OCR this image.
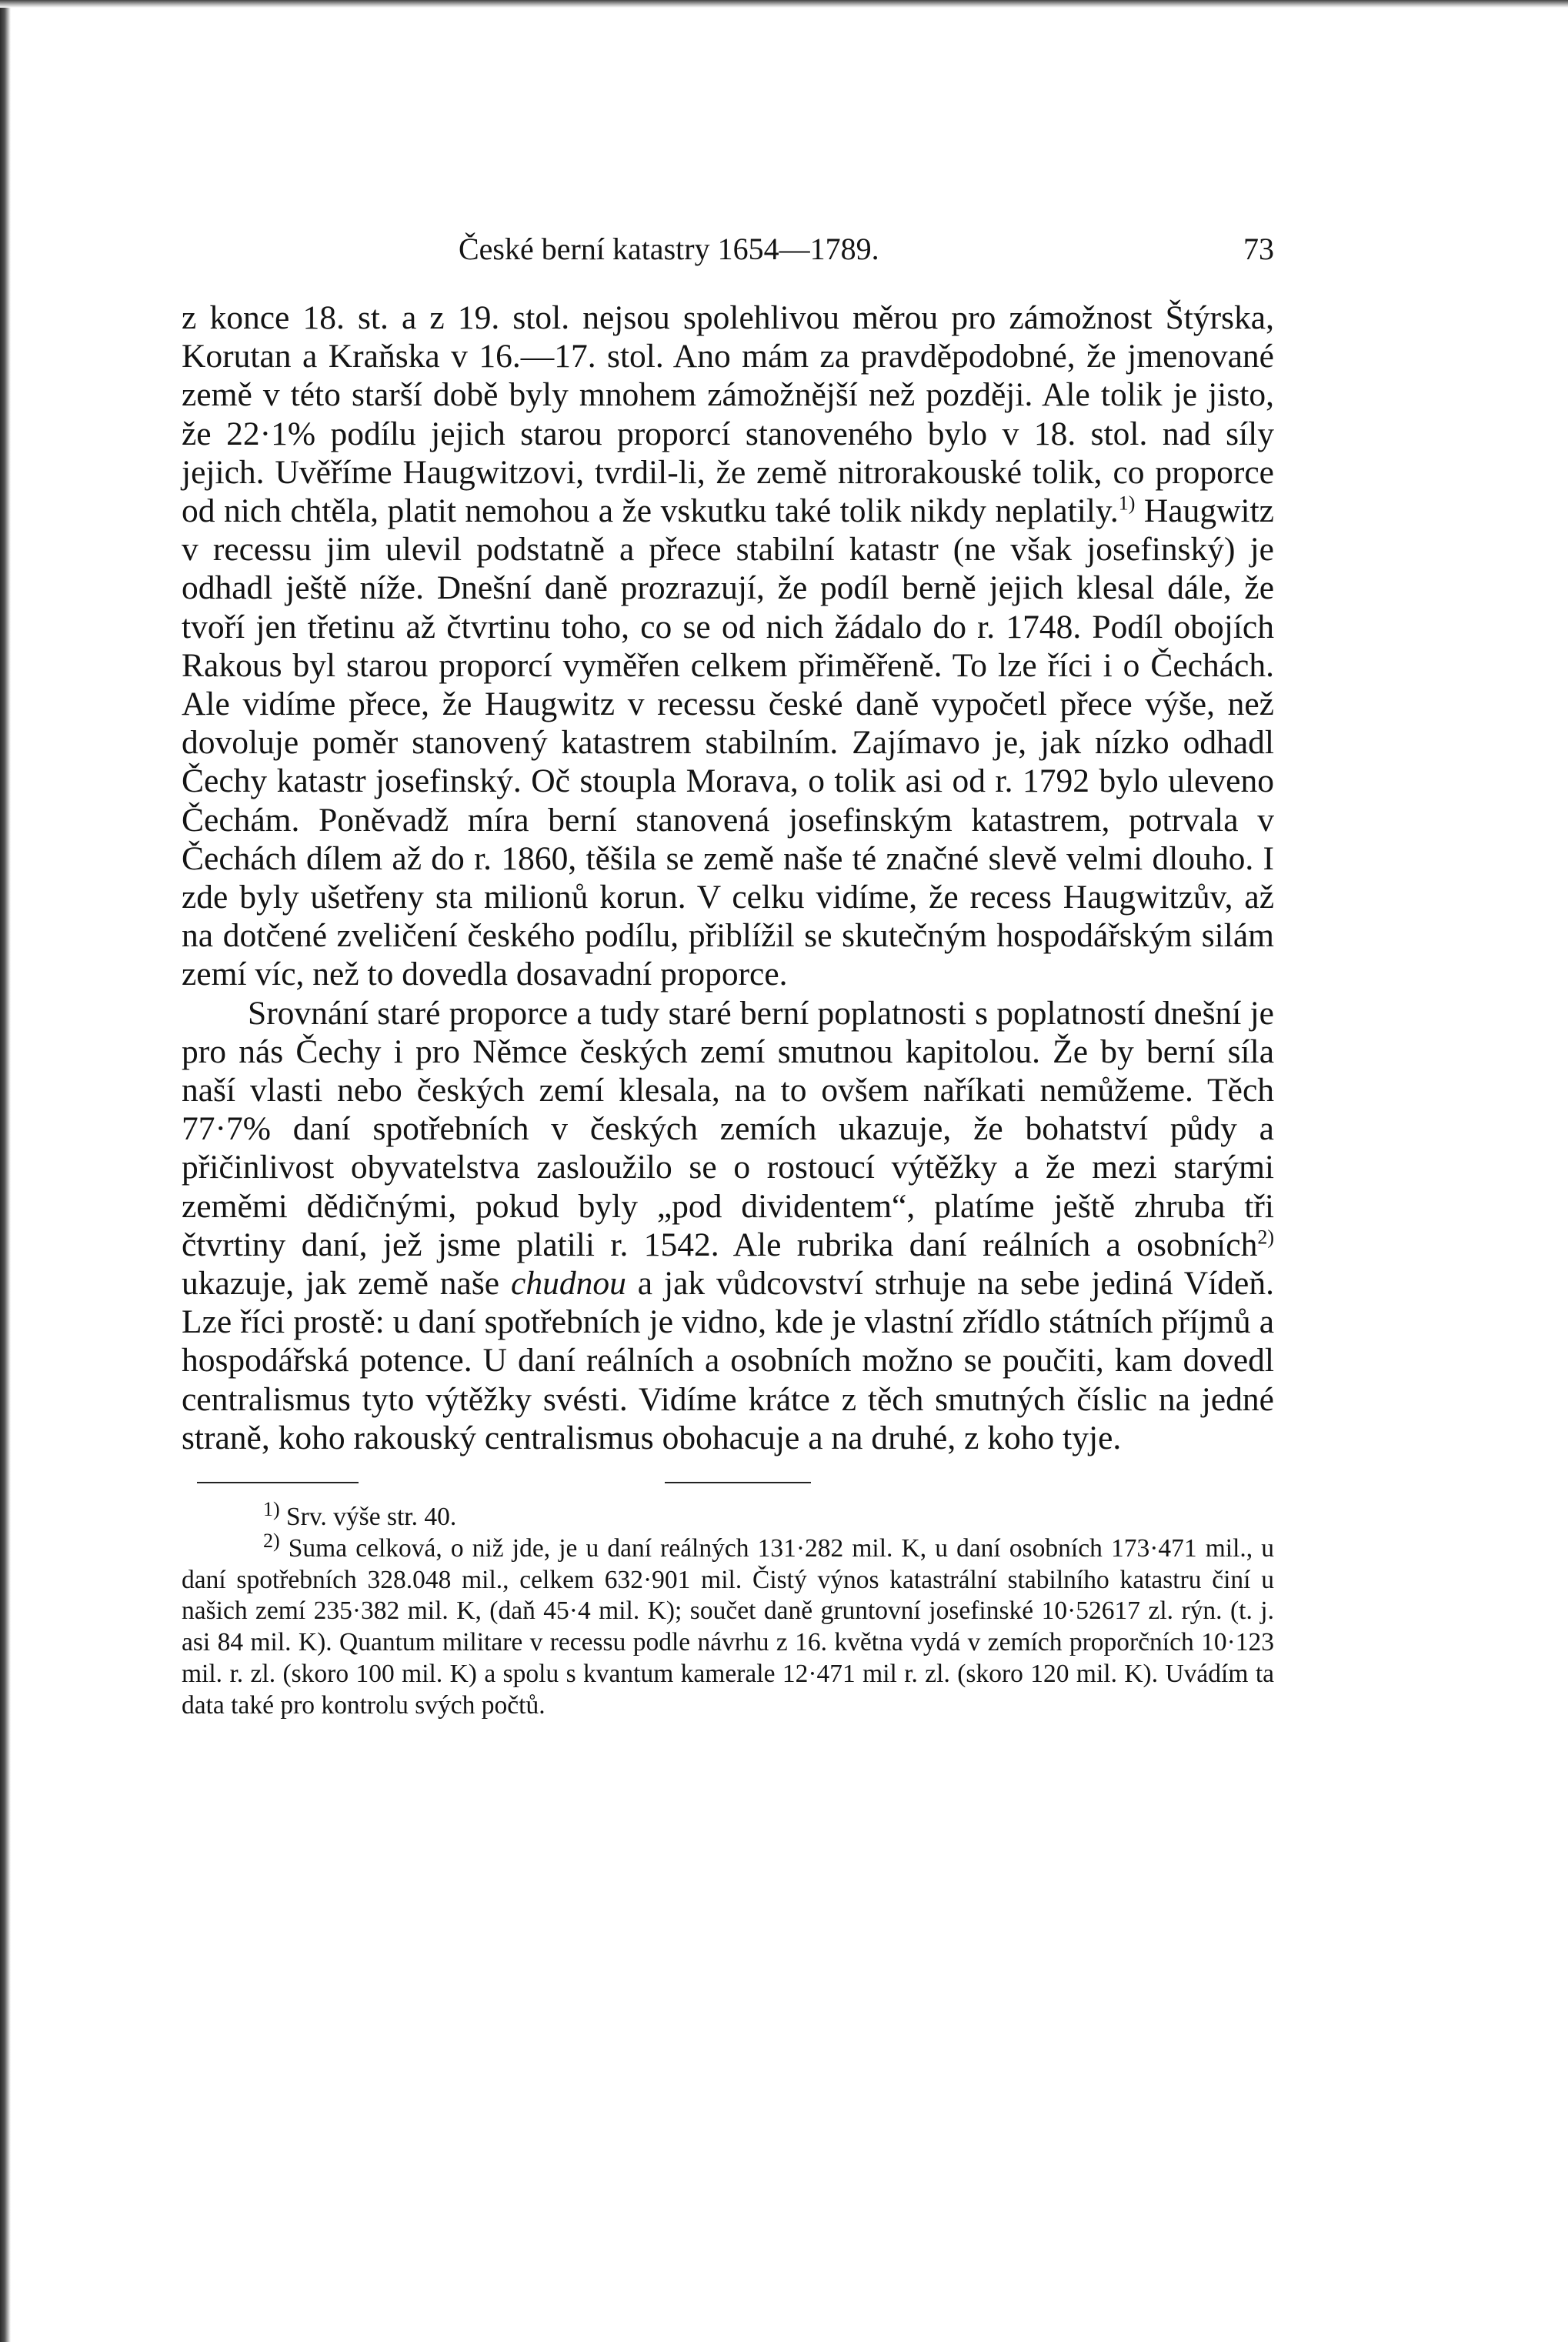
České berní katastry 1654—1789.	73

z konce 18. st. a z 19. stol. nejsou spolehlivou měrou pro zámožnost Štýrska, Korutan a Kraňska v 16.—17. stol. Ano mám za pravděpodobné, že jmenované země v této starší době byly mnohem zámožnější než později. Ale tolik je jisto, že 22·1% podílu jejich starou proporcí stanoveného bylo v 18. stol. nad síly jejich. Uvěříme Haugwitzovi, tvrdil-li, že země nitrorakouské tolik, co proporce od nich chtěla, platit nemohou a že vskutku také tolik nikdy neplatily.$^{1)}$ Haugwitz v recessu jim ulevil podstatně a přece stabilní katastr (ne však josefinský) je odhadl ještě níže. Dnešní daně prozrazují, že podíl berně jejich klesal dále, že tvoří jen třetinu až čtvrtinu toho, co se od nich žádalo do r. 1748. Podíl obojích Rakous byl starou proporcí vyměřen celkem přiměřeně. To lze říci i o Čechách. Ale vidíme přece, že Haugwitz v recessu české daně vypočetl přece výše, než dovoluje poměr stanovený katastrem stabilním. Zajímavo je, jak nízko odhadl Čechy katastr josefinský. Oč stoupla Morava, o tolik asi od r. 1792 bylo uleveno Čechám. Poněvadž míra berní stanovená josefinským katastrem, potrvala v Čechách dílem až do r. 1860, těšila se země naše té značné slevě velmi dlouho. I zde byly ušetřeny sta milionů korun. V celku vidíme, že recess Haugwitzův, až na dotčené zveličení českého podílu, přiblížil se skutečným hospodářským silám zemí víc, než to dovedla dosavadní proporce.

Srovnání staré proporce a tudy staré berní poplatnosti s poplatností dnešní je pro nás Čechy i pro Němce českých zemí smutnou kapitolou. Že by berní síla naší vlasti nebo českých zemí klesala, na to ovšem naříkati nemůžeme. Těch 77·7% daní spotřebních v českých zemích ukazuje, že bohatství půdy a přičinlivost obyvatelstva zasloužilo se o rostoucí výtěžky a že mezi starými zeměmi dědičnými, pokud byly „pod dividentem“, platíme ještě zhruba tři čtvrtiny daní, jež jsme platili r. 1542. Ale rubrika daní reálních a osobních$^{2)}$ ukazuje, jak země naše chudnou a jak vůdcovství strhuje na sebe jediná Vídeň. Lze říci prostě: u daní spotřebních je vidno, kde je vlastní zřídlo státních příjmů a hospodářská potence. U daní reálních a osobních možno se poučiti, kam dovedl centralismus tyto výtěžky svésti. Vidíme krátce z těch smutných číslic na jedné straně, koho rakouský centralismus obohacuje a na druhé, z koho tyje.

$^{1)}$ Srv. výše str. 40.

$^{2)}$ Suma celková, o niž jde, je u daní reálných 131·282 mil. K, u daní osobních 173·471 mil., u daní spotřebních 328.048 mil., celkem 632·901 mil. Čistý výnos katastrální stabilního katastru činí u našich zemí 235·382 mil. K, (daň 45·4 mil. K); součet daně gruntovní josefinské 10·52617 zl. rýn. (t. j. asi 84 mil. K). Quantum militare v recessu podle návrhu z 16. května vydá v zemích proporčních 10·123 mil. r. zl. (skoro 100 mil. K) a spolu s kvantum kamerale 12·471 mil r. zl. (skoro 120 mil. K). Uvádím ta data také pro kontrolu svých počtů.
